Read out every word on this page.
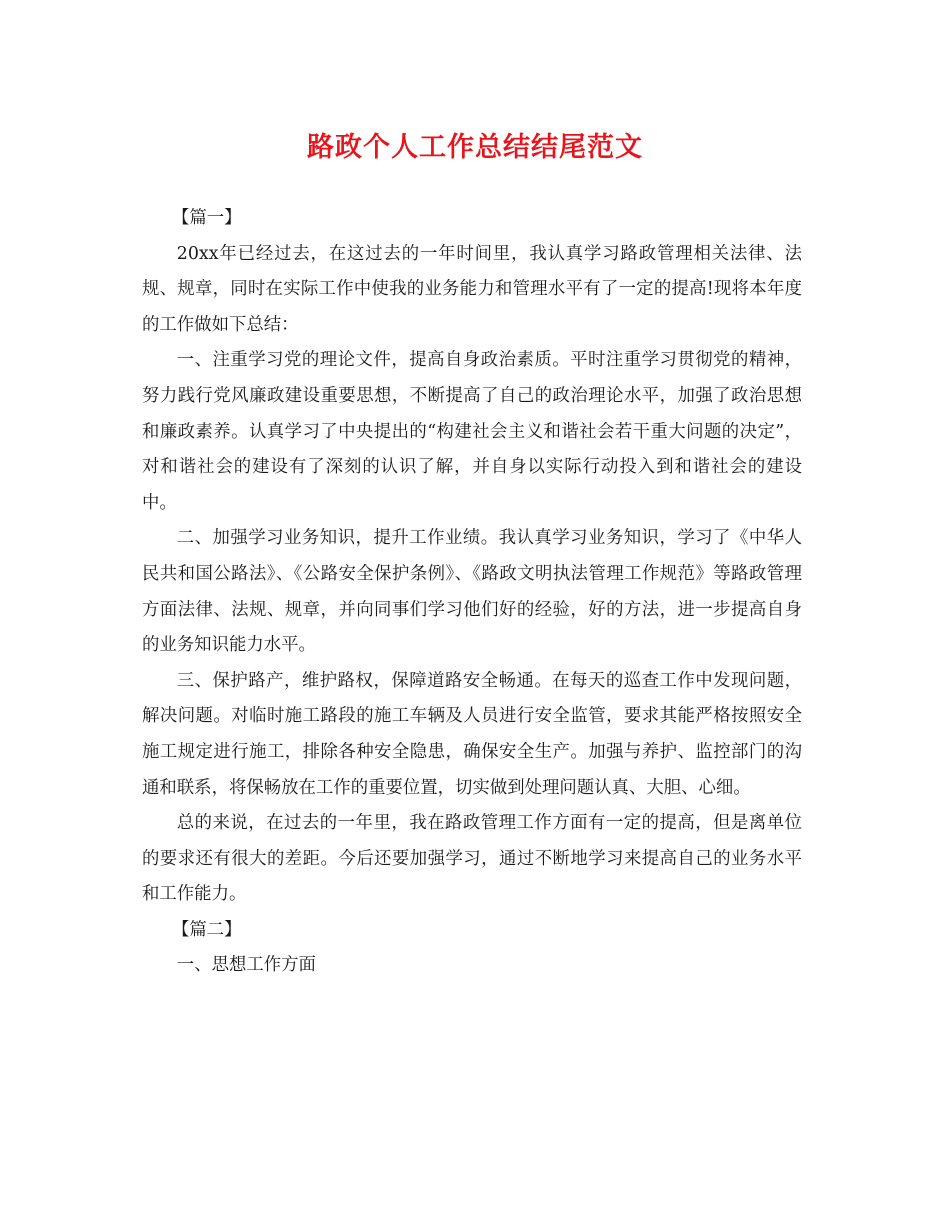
路政个人工作总结结尾范文

【篇一】

20xx年已经过去，在这过去的一年时间里，我认真学习路政管理相关法律、法规、规章，同时在实际工作中使我的业务能力和管理水平有了一定的提高!现将本年度的工作做如下总结：

一、注重学习党的理论文件，提高自身政治素质。平时注重学习贯彻党的精神，努力践行党风廉政建设重要思想，不断提高了自己的政治理论水平，加强了政治思想和廉政素养。认真学习了中央提出的“构建社会主义和谐社会若干重大问题的决定”，对和谐社会的建设有了深刻的认识了解，并自身以实际行动投入到和谐社会的建设中。

二、加强学习业务知识，提升工作业绩。我认真学习业务知识，学习了《中华人民共和国公路法》、《公路安全保护条例》、《路政文明执法管理工作规范》等路政管理方面法律、法规、规章，并向同事们学习他们好的经验，好的方法，进一步提高自身的业务知识能力水平。

三、保护路产，维护路权，保障道路安全畅通。在每天的巡查工作中发现问题，解决问题。对临时施工路段的施工车辆及人员进行安全监管，要求其能严格按照安全施工规定进行施工，排除各种安全隐患，确保安全生产。加强与养护、监控部门的沟通和联系，将保畅放在工作的重要位置，切实做到处理问题认真、大胆、心细。

总的来说，在过去的一年里，我在路政管理工作方面有一定的提高，但是离单位的要求还有很大的差距。今后还要加强学习，通过不断地学习来提高自己的业务水平和工作能力。

【篇二】

一、思想工作方面
